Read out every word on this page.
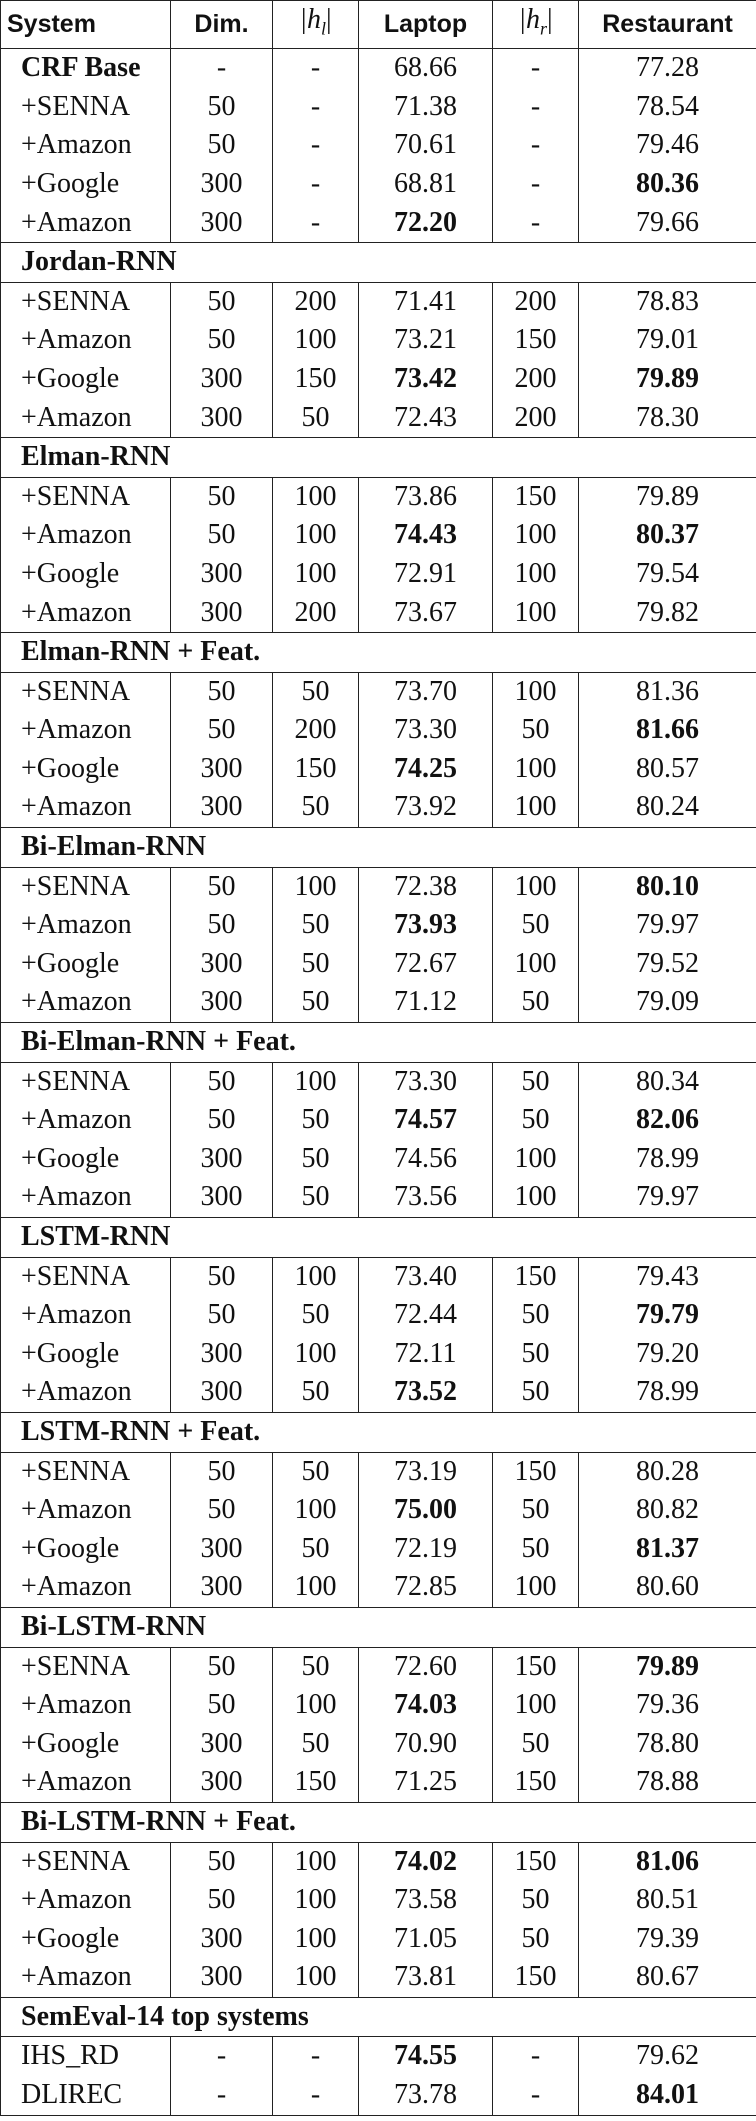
System	Dim.	$|h_l|$	Laptop	$|h_r|$	Restaurant
CRF Base	-	-	68.66	-	77.28
+SENNA	50	-	71.38	-	78.54
+Amazon	50	-	70.61	-	79.46
+Google	300	-	68.81	-	80.36
+Amazon	300	-	72.20	-	79.66
Jordan-RNN					
+SENNA	50	200	71.41	200	78.83
+Amazon	50	100	73.21	150	79.01
+Google	300	150	73.42	200	79.89
+Amazon	300	50	72.43	200	78.30
Elman-RNN					
+SENNA	50	100	73.86	150	79.89
+Amazon	50	100	74.43	100	80.37
+Google	300	100	72.91	100	79.54
+Amazon	300	200	73.67	100	79.82
Elman-RNN + Feat.					
+SENNA	50	50	73.70	100	81.36
+Amazon	50	200	73.30	50	81.66
+Google	300	150	74.25	100	80.57
+Amazon	300	50	73.92	100	80.24
Bi-Elman-RNN					
+SENNA	50	100	72.38	100	80.10
+Amazon	50	50	73.93	50	79.97
+Google	300	50	72.67	100	79.52
+Amazon	300	50	71.12	50	79.09
Bi-Elman-RNN + Feat.					
+SENNA	50	100	73.30	50	80.34
+Amazon	50	50	74.57	50	82.06
+Google	300	50	74.56	100	78.99
+Amazon	300	50	73.56	100	79.97
LSTM-RNN					
+SENNA	50	100	73.40	150	79.43
+Amazon	50	50	72.44	50	79.79
+Google	300	100	72.11	50	79.20
+Amazon	300	50	73.52	50	78.99
LSTM-RNN + Feat.					
+SENNA	50	50	73.19	150	80.28
+Amazon	50	100	75.00	50	80.82
+Google	300	50	72.19	50	81.37
+Amazon	300	100	72.85	100	80.60
Bi-LSTM-RNN					
+SENNA	50	50	72.60	150	79.89
+Amazon	50	100	74.03	100	79.36
+Google	300	50	70.90	50	78.80
+Amazon	300	150	71.25	150	78.88
Bi-LSTM-RNN + Feat.					
+SENNA	50	100	74.02	150	81.06
+Amazon	50	100	73.58	50	80.51
+Google	300	100	71.05	50	79.39
+Amazon	300	100	73.81	150	80.67
SemEval-14 top systems					
IHS_RD	-	-	74.55	-	79.62
DLIREC	-	-	73.78	-	84.01
